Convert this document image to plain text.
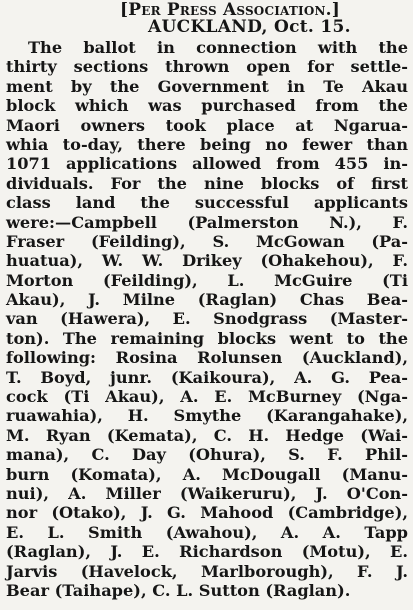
[Per Press Association.]
AUCKLAND, Oct. 15.
The ballot in connection with the
thirty sections thrown open for settle-
ment by the Government in Te Akau
block which was purchased from the
Maori owners took place at Ngarua-
whia to-day, there being no fewer than
1071 applications allowed from 455 in-
dividuals. For the nine blocks of first
class land the successful applicants
were:—Campbell (Palmerston N.), F.
Fraser (Feilding), S. McGowan (Pa-
huatua), W. W. Drikey (Ohakehou), F.
Morton (Feilding), L. McGuire (Ti
Akau), J. Milne (Raglan) Chas Bea-
van (Hawera), E. Snodgrass (Master-
ton). The remaining blocks went to the
following: Rosina Rolunsen (Auckland),
T. Boyd, junr. (Kaikoura), A. G. Pea-
cock (Ti Akau), A. E. McBurney (Nga-
ruawahia), H. Smythe (Karangahake),
M. Ryan (Kemata), C. H. Hedge (Wai-
mana), C. Day (Ohura), S. F. Phil-
burn (Komata), A. McDougall (Manu-
nui), A. Miller (Waikeruru), J. O'Con-
nor (Otako), J. G. Mahood (Cambridge),
E. L. Smith (Awahou), A. A. Tapp
(Raglan), J. E. Richardson (Motu), E.
Jarvis (Havelock, Marlborough), F. J.
Bear (Taihape), C. L. Sutton (Raglan).
